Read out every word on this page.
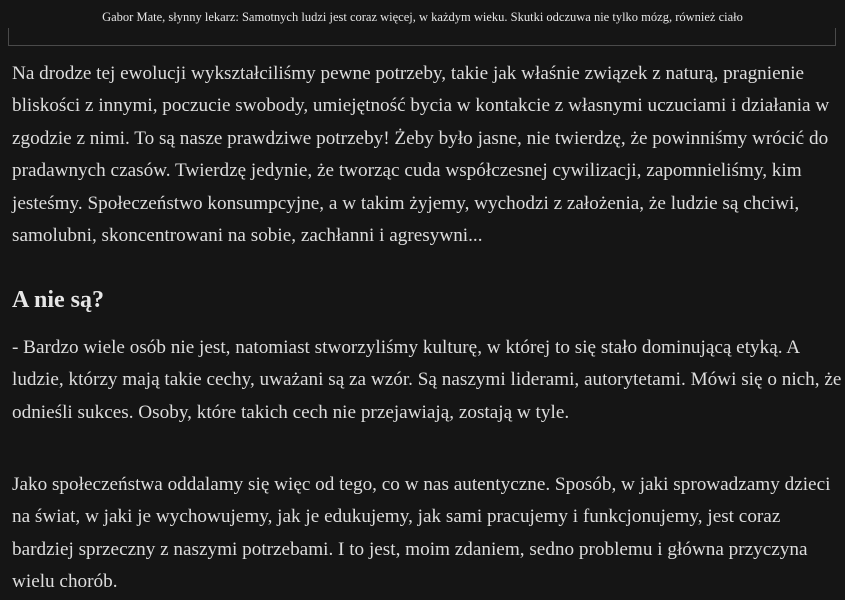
Gabor Mate, słynny lekarz: Samotnych ludzi jest coraz więcej, w każdym wieku. Skutki odczuwa nie tylko mózg, również ciało

Na drodze tej ewolucji wykształciliśmy pewne potrzeby, takie jak właśnie związek z naturą, pragnienie bliskości z innymi, poczucie swobody, umiejętność bycia w kontakcie z własnymi uczuciami i działania w zgodzie z nimi. To są nasze prawdziwe potrzeby! Żeby było jasne, nie twierdzę, że powinniśmy wrócić do pradawnych czasów. Twierdzę jedynie, że tworząc cuda współczesnej cywilizacji, zapomnieliśmy, kim jesteśmy. Społeczeństwo konsumpcyjne, a w takim żyjemy, wychodzi z założenia, że ludzie są chciwi, samolubni, skoncentrowani na sobie, zachłanni i agresywni...

A nie są?

- Bardzo wiele osób nie jest, natomiast stworzyliśmy kulturę, w której to się stało dominującą etyką. A ludzie, którzy mają takie cechy, uważani są za wzór. Są naszymi liderami, autorytetami. Mówi się o nich, że odnieśli sukces. Osoby, które takich cech nie przejawiają, zostają w tyle.

Jako społeczeństwa oddalamy się więc od tego, co w nas autentyczne. Sposób, w jaki sprowadzamy dzieci na świat, w jaki je wychowujemy, jak je edukujemy, jak sami pracujemy i funkcjonujemy, jest coraz bardziej sprzeczny z naszymi potrzebami. I to jest, moim zdaniem, sedno problemu i główna przyczyna wielu chorób.
